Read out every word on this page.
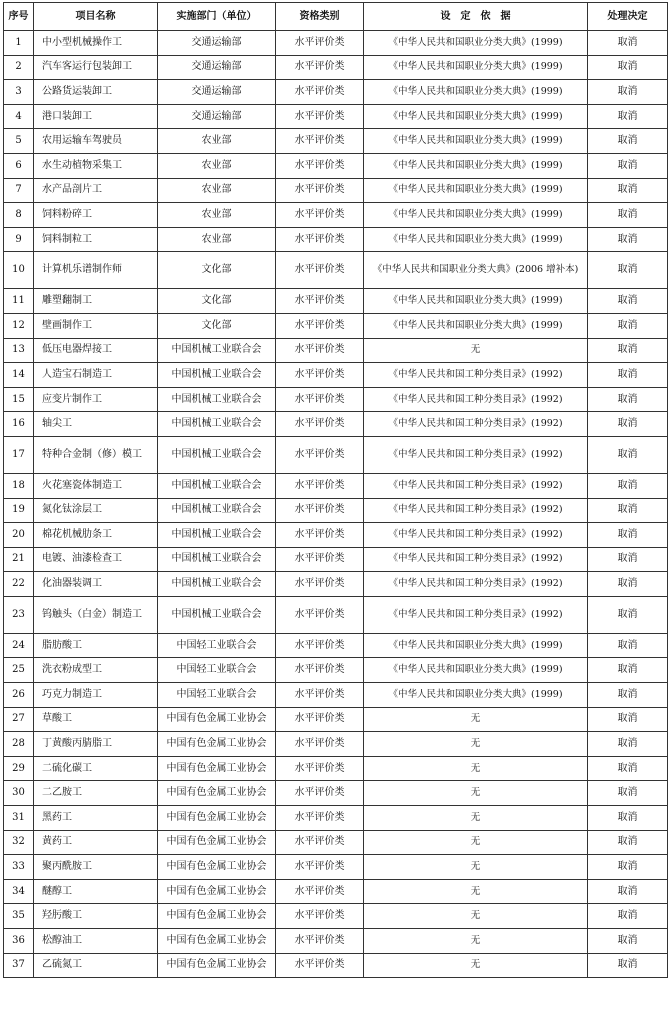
序号	项目名称	实施部门（单位）	资格类别	设　定　依　据	处理决定
1	中小型机械操作工	交通运输部	水平评价类	《中华人民共和国职业分类大典》(1999)	取消
2	汽车客运行包装卸工	交通运输部	水平评价类	《中华人民共和国职业分类大典》(1999)	取消
3	公路货运装卸工	交通运输部	水平评价类	《中华人民共和国职业分类大典》(1999)	取消
4	港口装卸工	交通运输部	水平评价类	《中华人民共和国职业分类大典》(1999)	取消
5	农用运输车驾驶员	农业部	水平评价类	《中华人民共和国职业分类大典》(1999)	取消
6	水生动植物采集工	农业部	水平评价类	《中华人民共和国职业分类大典》(1999)	取消
7	水产品剖片工	农业部	水平评价类	《中华人民共和国职业分类大典》(1999)	取消
8	饲料粉碎工	农业部	水平评价类	《中华人民共和国职业分类大典》(1999)	取消
9	饲料制粒工	农业部	水平评价类	《中华人民共和国职业分类大典》(1999)	取消
10	计算机乐谱制作师	文化部	水平评价类	《中华人民共和国职业分类大典》(2006 增补本)	取消
11	雕塑翻制工	文化部	水平评价类	《中华人民共和国职业分类大典》(1999)	取消
12	壁画制作工	文化部	水平评价类	《中华人民共和国职业分类大典》(1999)	取消
13	低压电器焊接工	中国机械工业联合会	水平评价类	无	取消
14	人造宝石制造工	中国机械工业联合会	水平评价类	《中华人民共和国工种分类目录》(1992)	取消
15	应变片制作工	中国机械工业联合会	水平评价类	《中华人民共和国工种分类目录》(1992)	取消
16	轴尖工	中国机械工业联合会	水平评价类	《中华人民共和国工种分类目录》(1992)	取消
17	特种合金制（修）模工	中国机械工业联合会	水平评价类	《中华人民共和国工种分类目录》(1992)	取消
18	火花塞瓷体制造工	中国机械工业联合会	水平评价类	《中华人民共和国工种分类目录》(1992)	取消
19	氮化钛涂层工	中国机械工业联合会	水平评价类	《中华人民共和国工种分类目录》(1992)	取消
20	棉花机械肋条工	中国机械工业联合会	水平评价类	《中华人民共和国工种分类目录》(1992)	取消
21	电镀、油漆检查工	中国机械工业联合会	水平评价类	《中华人民共和国工种分类目录》(1992)	取消
22	化油器装调工	中国机械工业联合会	水平评价类	《中华人民共和国工种分类目录》(1992)	取消
23	钨触头（白金）制造工	中国机械工业联合会	水平评价类	《中华人民共和国工种分类目录》(1992)	取消
24	脂肪酸工	中国轻工业联合会	水平评价类	《中华人民共和国职业分类大典》(1999)	取消
25	洗衣粉成型工	中国轻工业联合会	水平评价类	《中华人民共和国职业分类大典》(1999)	取消
26	巧克力制造工	中国轻工业联合会	水平评价类	《中华人民共和国职业分类大典》(1999)	取消
27	草酸工	中国有色金属工业协会	水平评价类	无	取消
28	丁黄酸丙腈脂工	中国有色金属工业协会	水平评价类	无	取消
29	二硫化碳工	中国有色金属工业协会	水平评价类	无	取消
30	二乙胺工	中国有色金属工业协会	水平评价类	无	取消
31	黑药工	中国有色金属工业协会	水平评价类	无	取消
32	黄药工	中国有色金属工业协会	水平评价类	无	取消
33	聚丙酰胺工	中国有色金属工业协会	水平评价类	无	取消
34	醚醇工	中国有色金属工业协会	水平评价类	无	取消
35	羟肟酸工	中国有色金属工业协会	水平评价类	无	取消
36	松醇油工	中国有色金属工业协会	水平评价类	无	取消
37	乙硫氮工	中国有色金属工业协会	水平评价类	无	取消
